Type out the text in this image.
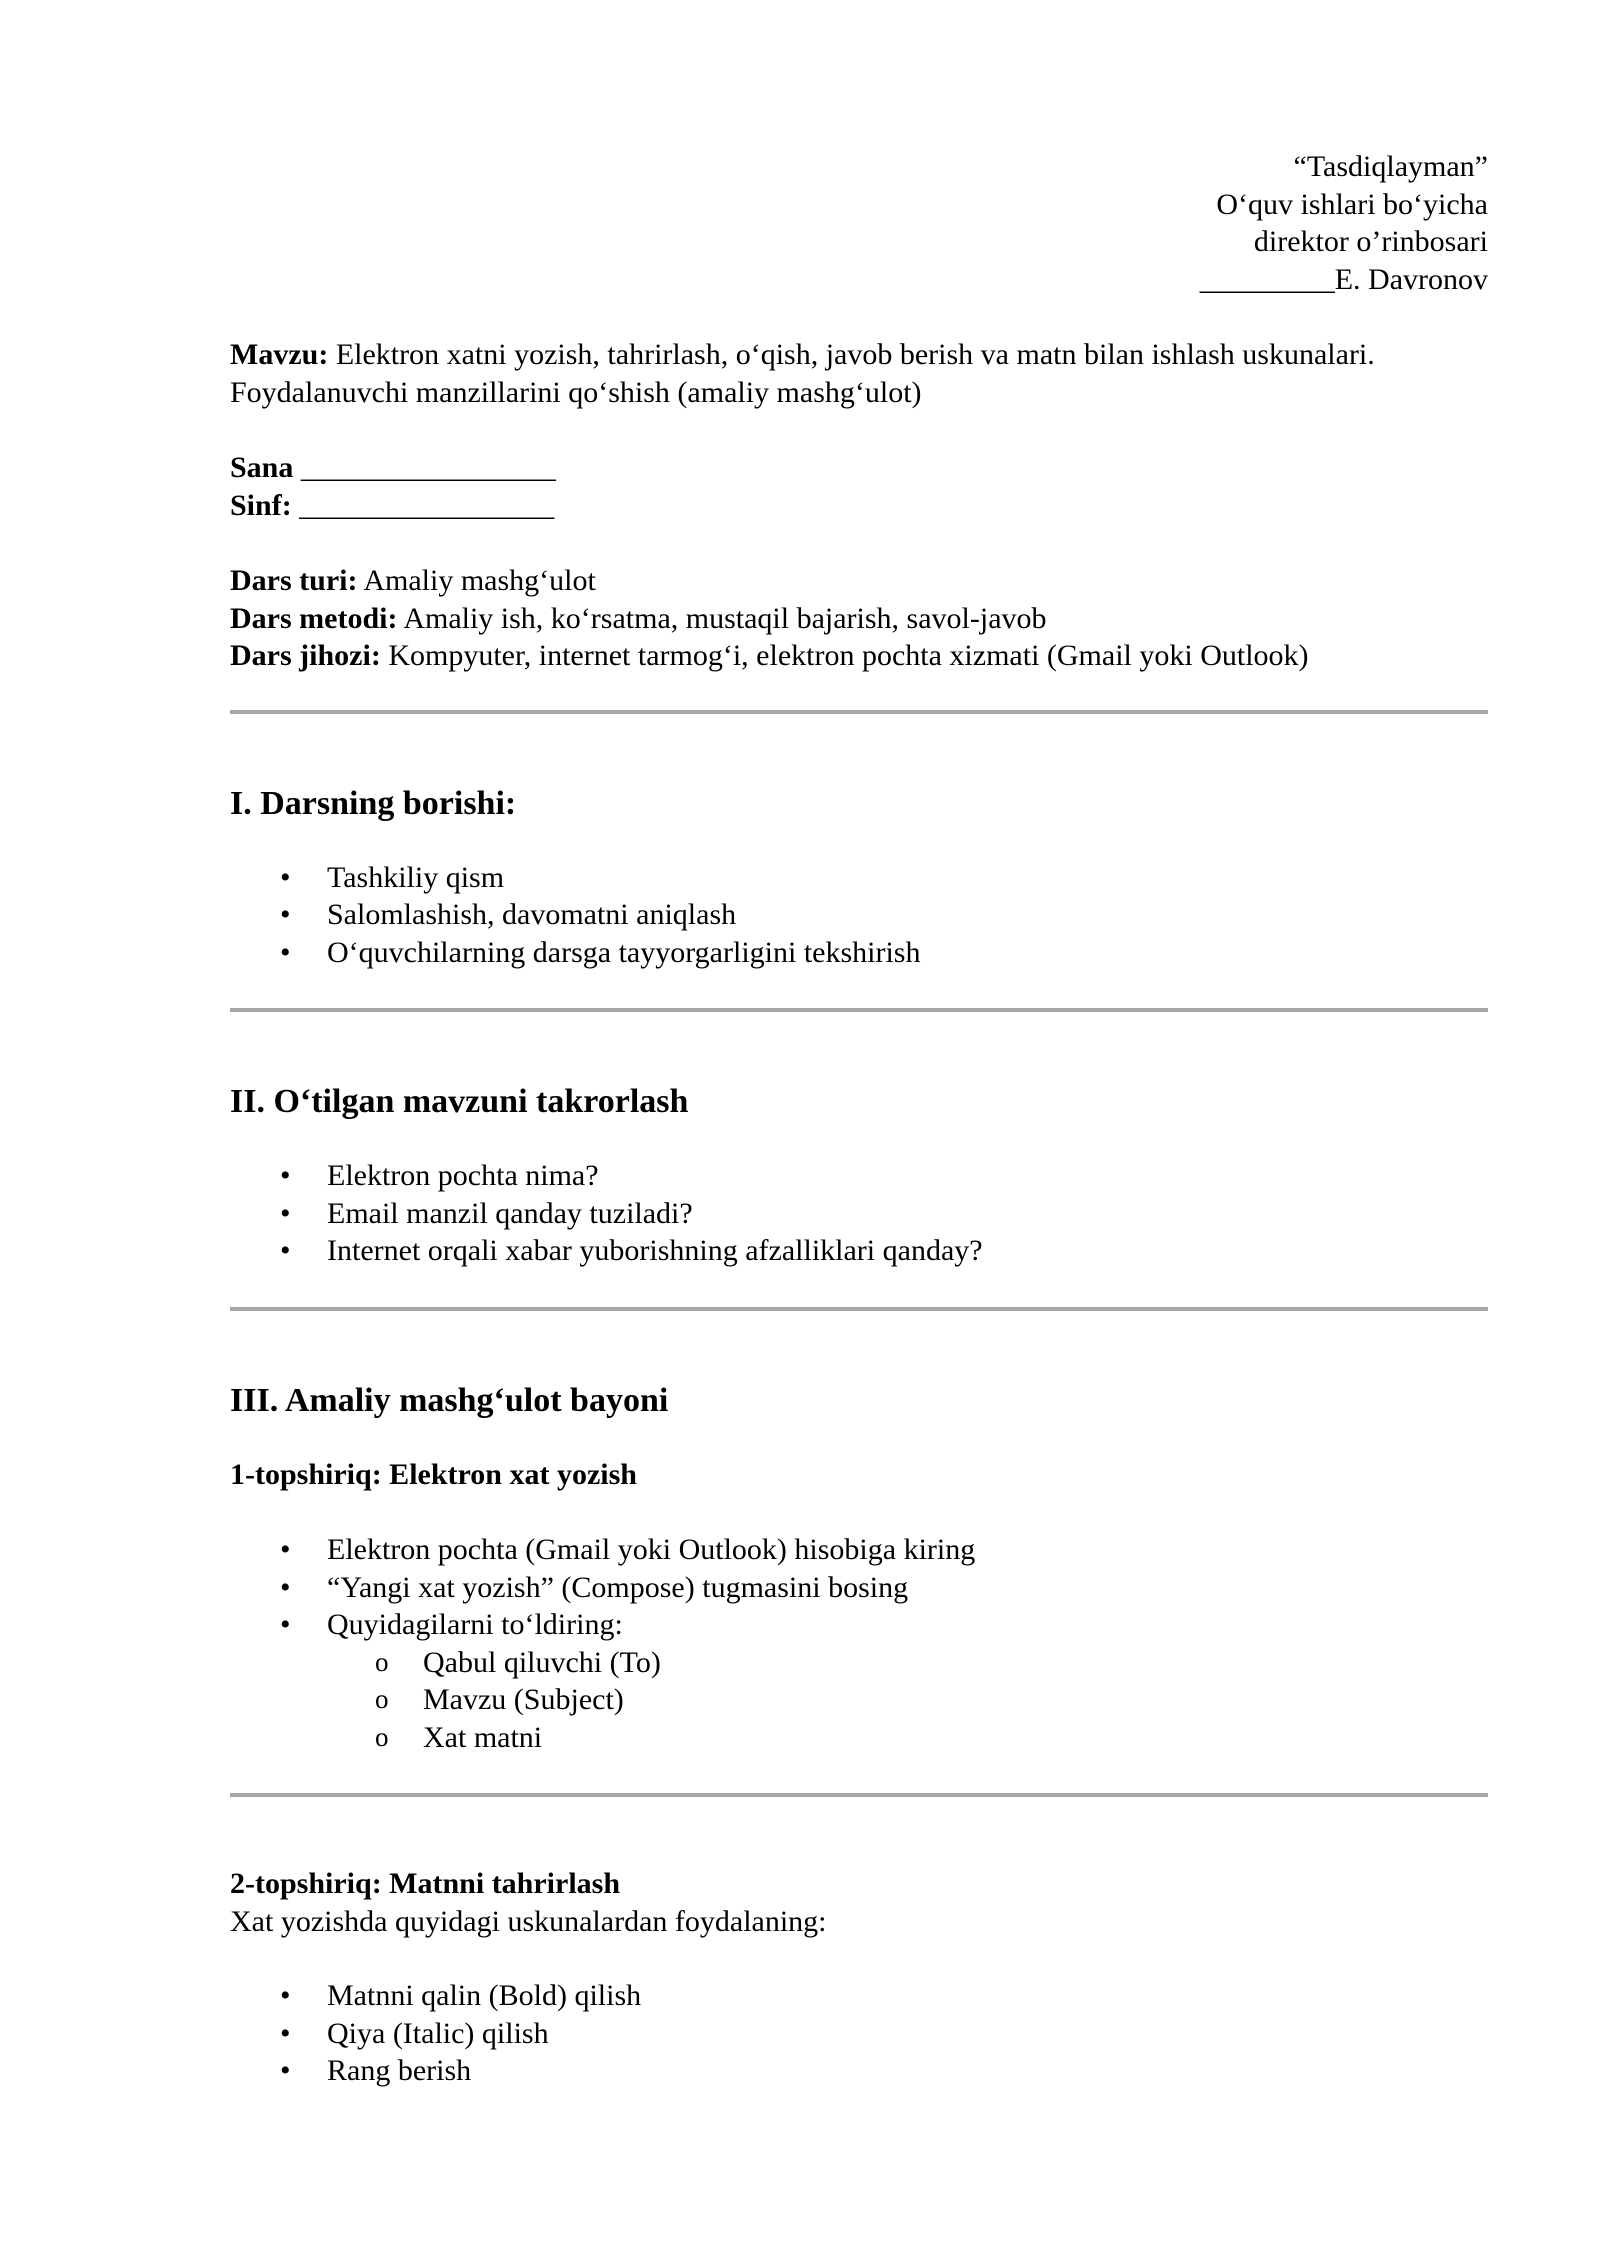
“Tasdiqlayman”
O‘quv ishlari bo‘yicha
direktor o’rinbosari
_________E. Davronov

Mavzu: Elektron xatni yozish, tahrirlash, o‘qish, javob berish va matn bilan ishlash uskunalari. Foydalanuvchi manzillarini qo‘shish (amaliy mashg‘ulot)

Sana _________________

Sinf: _________________

Dars turi: Amaliy mashg‘ulot

Dars metodi: Amaliy ish, ko‘rsatma, mustaqil bajarish, savol-javob

Dars jihozi: Kompyuter, internet tarmog‘i, elektron pochta xizmati (Gmail yoki Outlook)

I. Darsning borishi:
• Tashkiliy qism
• Salomlashish, davomatni aniqlash
• O‘quvchilarning darsga tayyorgarligini tekshirish
II. O‘tilgan mavzuni takrorlash
• Elektron pochta nima?
• Email manzil qanday tuziladi?
• Internet orqali xabar yuborishning afzalliklari qanday?
III. Amaliy mashg‘ulot bayoni
1-topshiriq: Elektron xat yozish
• Elektron pochta (Gmail yoki Outlook) hisobiga kiring
• “Yangi xat yozish” (Compose) tugmasini bosing
• Quyidagilarni to‘ldiring:
o Qabul qiluvchi (To)
o Mavzu (Subject)
o Xat matni
2-topshiriq: Matnni tahrirlash

Xat yozishda quyidagi uskunalardan foydalaning:

• Matnni qalin (Bold) qilish
• Qiya (Italic) qilish
• Rang berish
